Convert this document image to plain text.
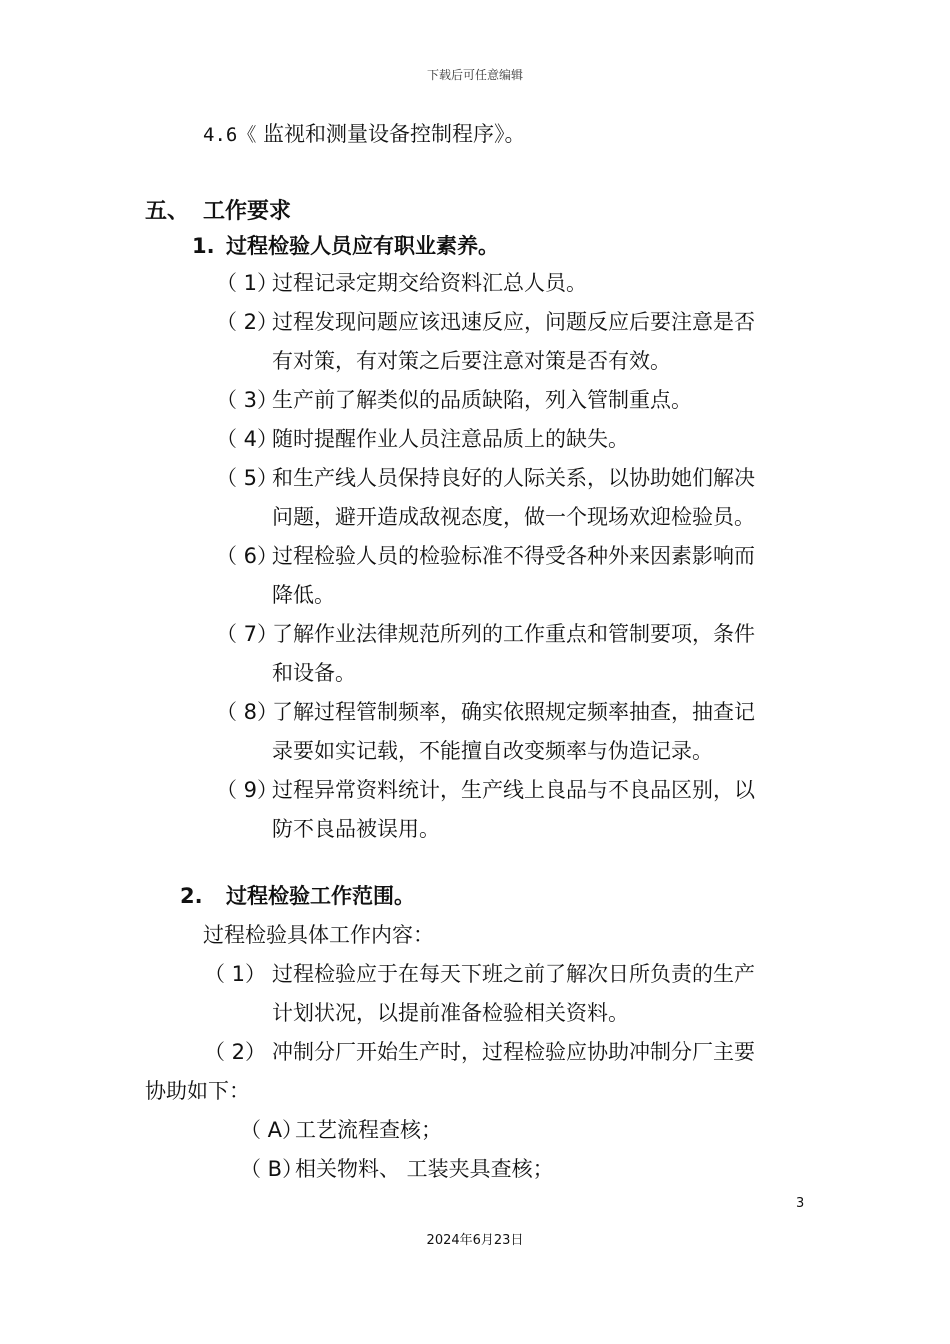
下载后可任意编辑
4.6《 监视和测量设备控制程序》。
五、 工作要求
1. 过程检验人员应有职业素养。
（ 1）
过程记录定期交给资料汇总人员。
（ 2）
过程发现问题应该迅速反应，问题反应后要注意是否
有对策，有对策之后要注意对策是否有效。
（ 3）
生产前了解类似的品质缺陷，列入管制重点。
（ 4）
随时提醒作业人员注意品质上的缺失。
（ 5）
和生产线人员保持良好的人际关系，以协助她们解决
问题，避开造成敌视态度，做一个现场欢迎检验员。
（ 6）
过程检验人员的检验标准不得受各种外来因素影响而
降低。
（ 7）
了解作业法律规范所列的工作重点和管制要项，条件
和设备。
（ 8）
了解过程管制频率，确实依照规定频率抽查，抽查记
录要如实记载，不能擅自改变频率与伪造记录。
（ 9）
过程异常资料统计，生产线上良品与不良品区别，以
防不良品被误用。
2. 过程检验工作范围。
过程检验具体工作内容：
（ 1） 过程检验应于在每天下班之前了解次日所负责的生产
计划状况，以提前准备检验相关资料。
（ 2） 冲制分厂开始生产时，过程检验应协助冲制分厂主要
协助如下：
（ A）
工艺流程查核；
（ B）
相关物料、 工装夹具查核；
3
2024年6月23日
